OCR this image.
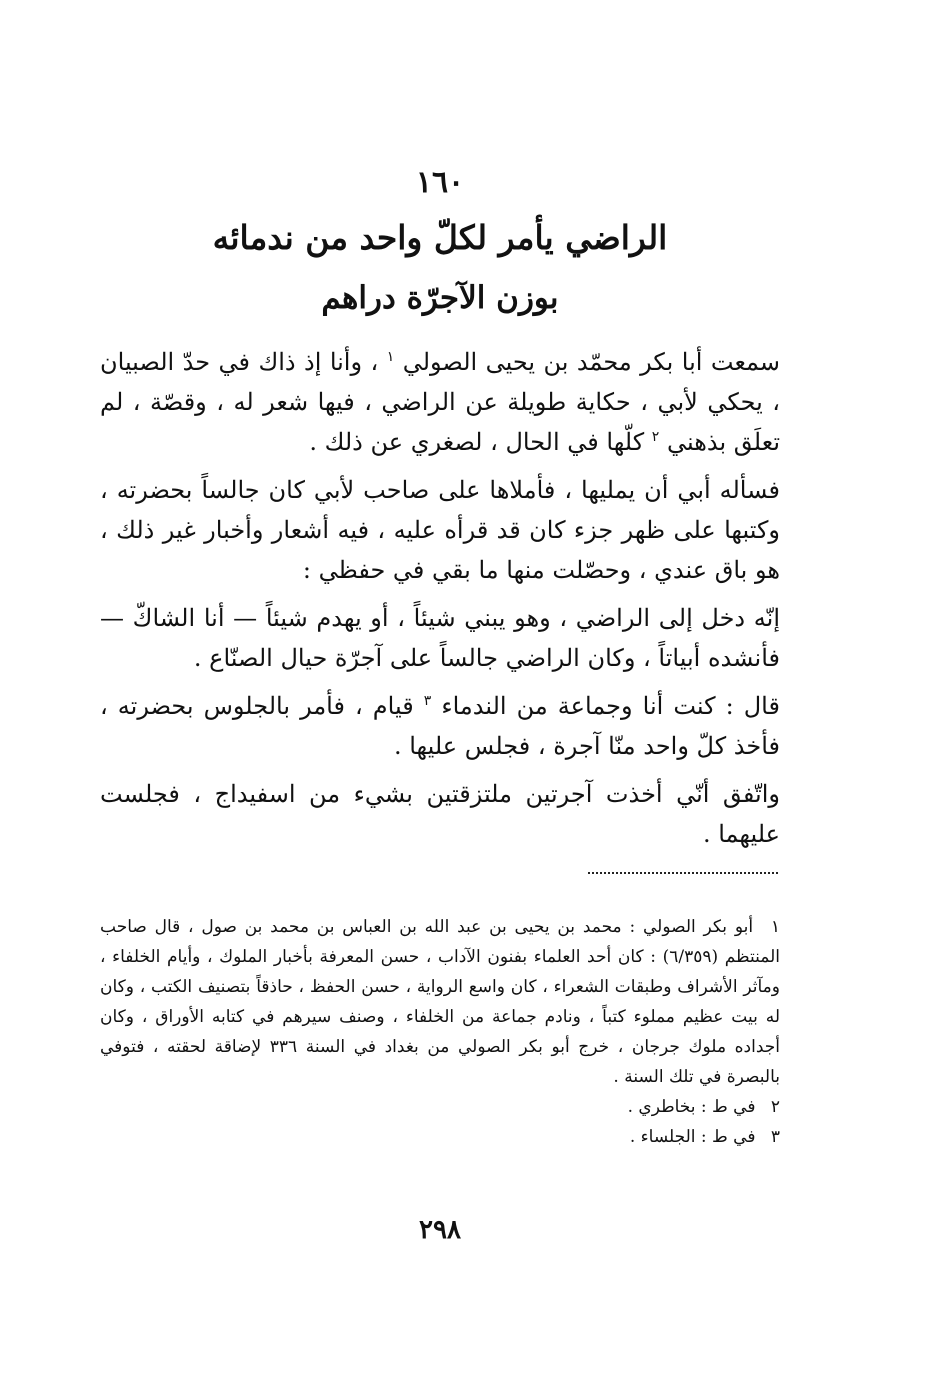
١٦٠
الراضي يأمر لكلّ واحد من ندمائه
بوزن الآجرّة دراهم

سمعت أبا بكر محمّد بن يحيى الصولي $^١$ ، وأنا إذ ذاك في حدّ الصبيان ، يحكي لأبي ، حكاية طويلة عن الراضي ، فيها شعر له ، وقصّة ، لم تعلَق بذهني $^٢$ كلّها في الحال ، لصغري عن ذلك .

فسأله أبي أن يمليها ، فأملاها على صاحب لأبي كان جالساً بحضرته ، وكتبها على ظهر جزء كان قد قرأه عليه ، فيه أشعار وأخبار غير ذلك ، هو باق عندي ، وحصّلت منها ما بقي في حفظي :

إنّه دخل إلى الراضي ، وهو يبني شيئاً ، أو يهدم شيئاً — أنا الشاكّ — فأنشده أبياتاً ، وكان الراضي جالساً على آجرّة حيال الصنّاع .

قال : كنت أنا وجماعة من الندماء $^٣$ قيام ، فأمر بالجلوس بحضرته ، فأخذ كلّ واحد منّا آجرة ، فجلس عليها .

واتّفق أنّي أخذت آجرتين ملتزقتين بشيء من اسفيداج ، فجلست عليهما .

١ أبو بكر الصولي : محمد بن يحيى بن عبد الله بن العباس بن محمد بن صول ، قال صاحب المنتظم (٦/٣٥٩) : كان أحد العلماء بفنون الآداب ، حسن المعرفة بأخبار الملوك ، وأيام الخلفاء ، ومآثر الأشراف وطبقات الشعراء ، كان واسع الرواية ، حسن الحفظ ، حاذقاً بتصنيف الكتب ، وكان له بيت عظيم مملوء كتباً ، ونادم جماعة من الخلفاء ، وصنف سيرهم في كتابه الأوراق ، وكان أجداده ملوك جرجان ، خرج أبو بكر الصولي من بغداد في السنة ٣٣٦ لإضاقة لحقته ، فتوفي بالبصرة في تلك السنة .

٢ في ط : بخاطري .

٣ في ط : الجلساء .

٢٩٨
